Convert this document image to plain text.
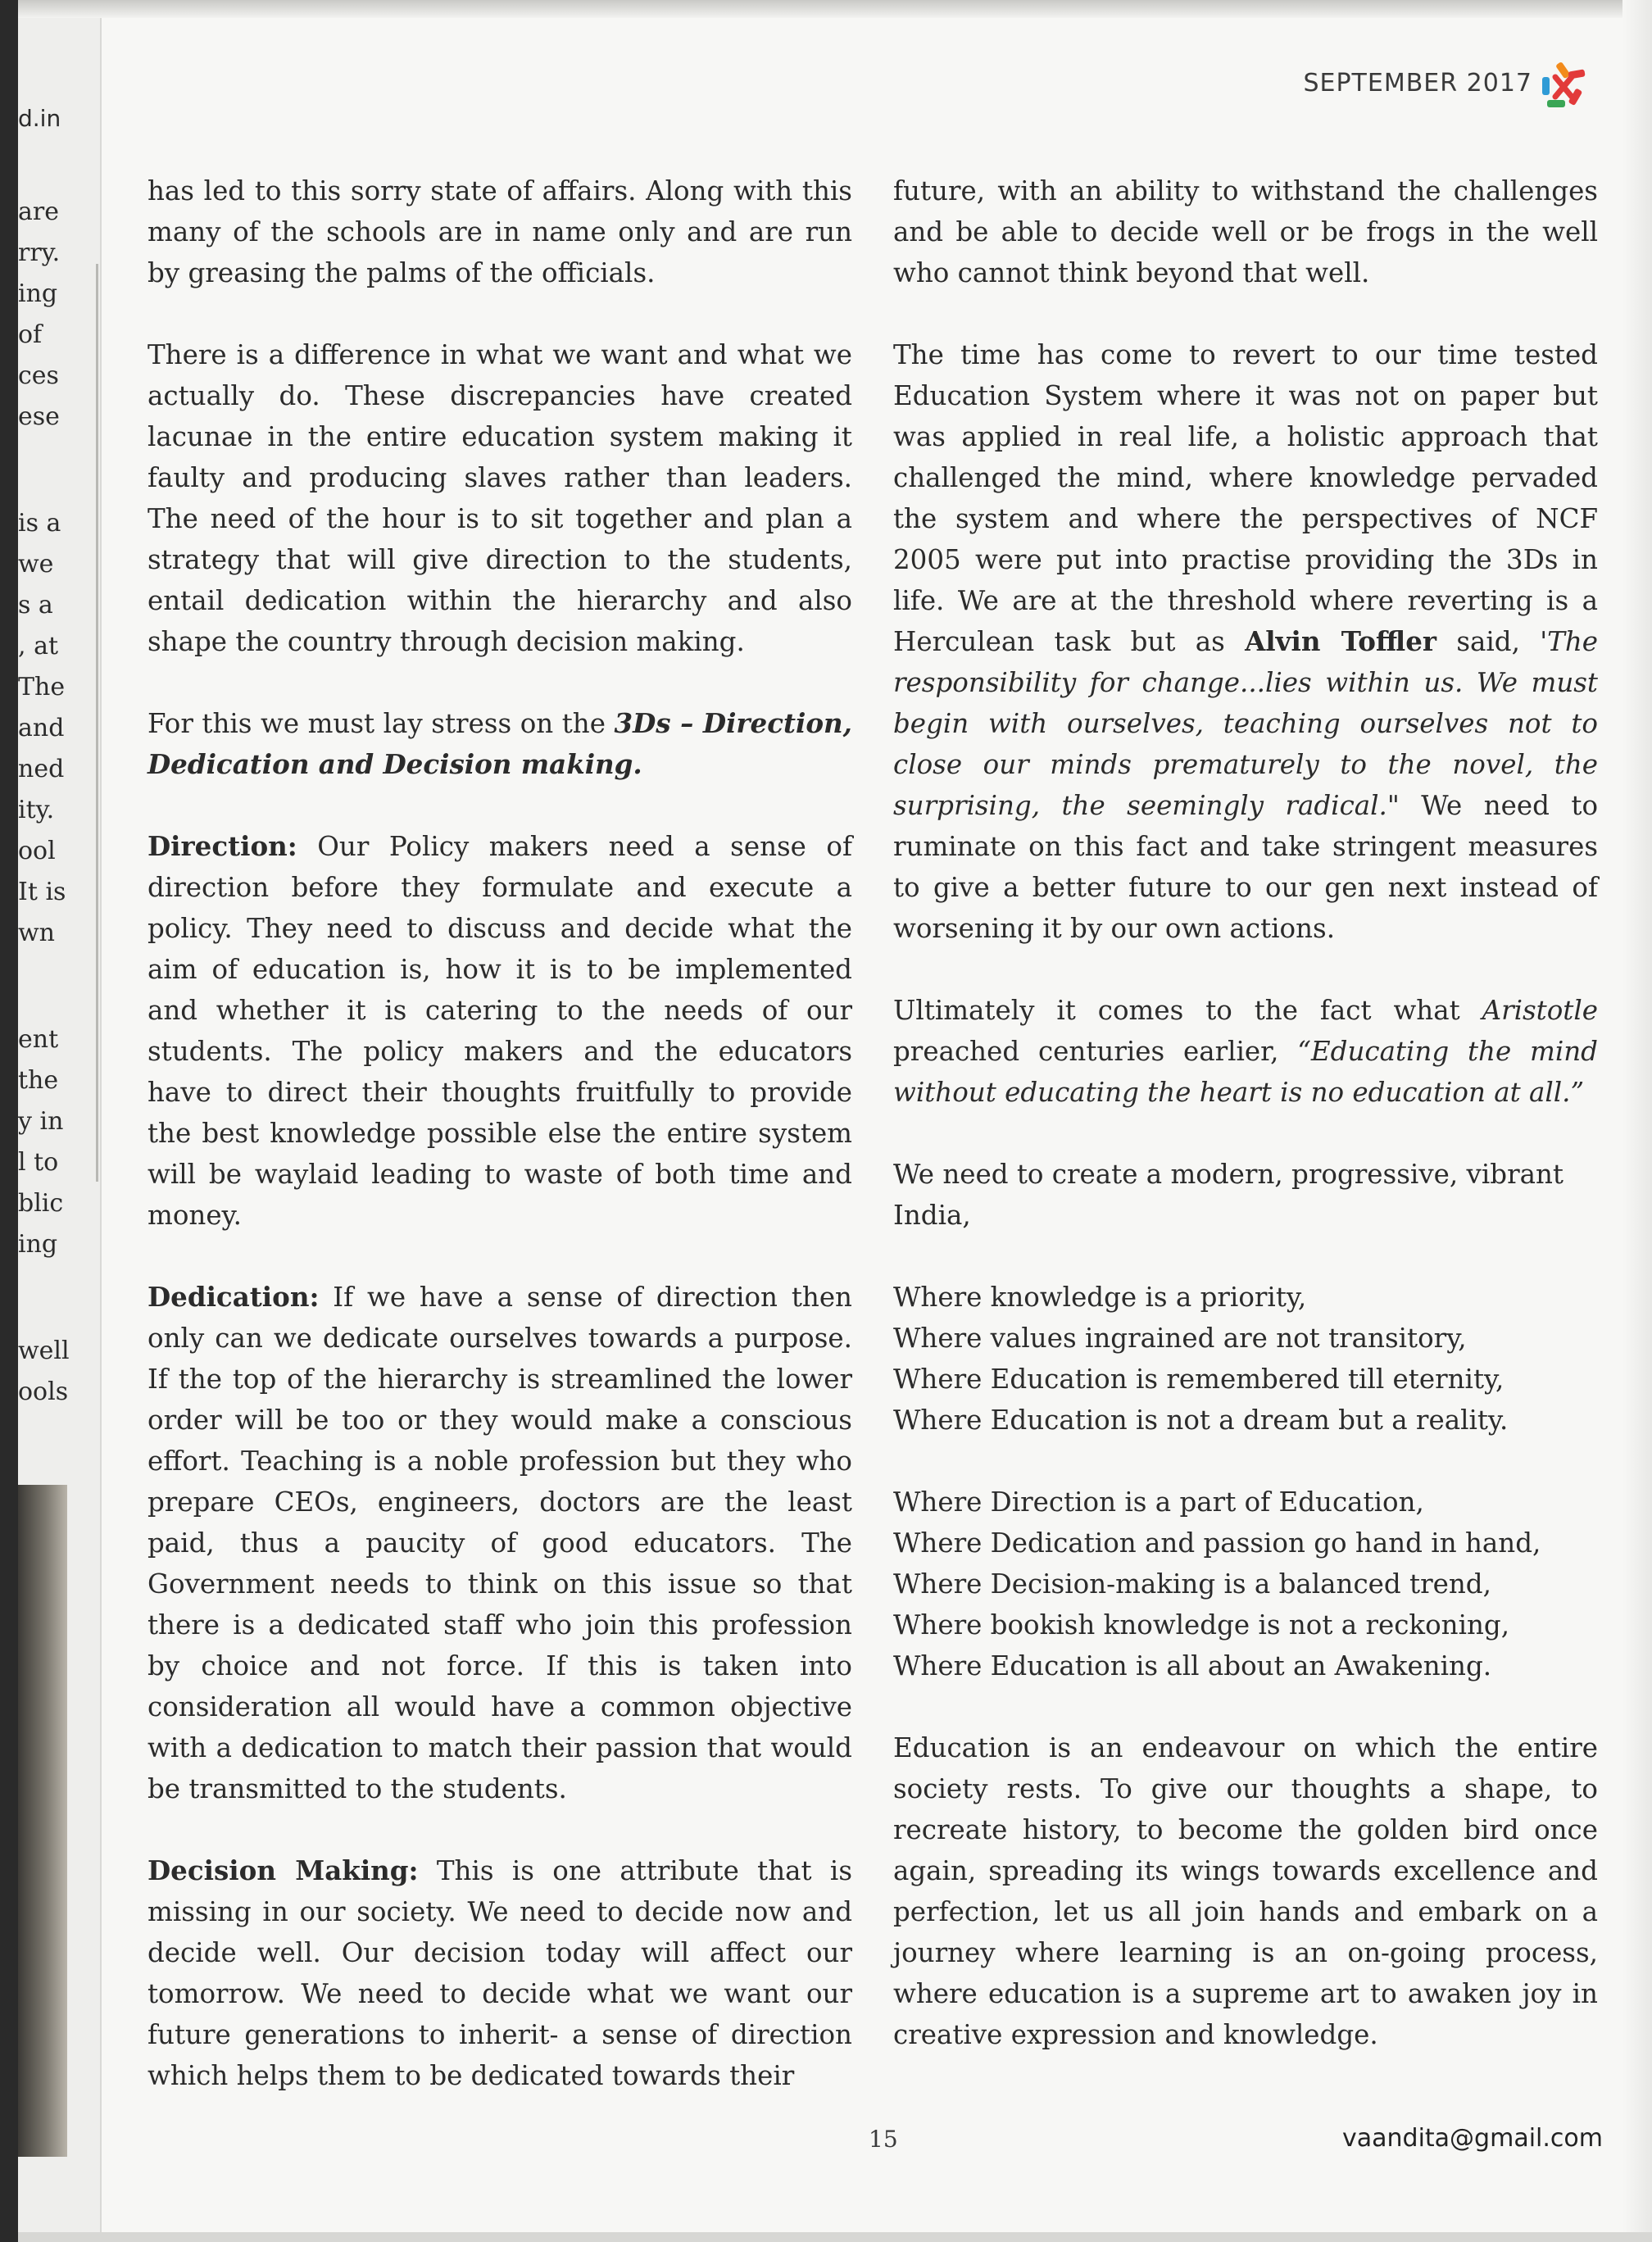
d.in
are
rry.
ing
of
ces
ese
is a
we
s a
, at
The
and
ned
ity.
ool
It is
wn
ent
the
y in
l to
blic
ing
well
ools
SEPTEMBER 2017

has led to this sorry state of affairs. Along with this many of the schools are in name only and are run by greasing the palms of the officials.

There is a difference in what we want and what we actually do. These discrepancies have created lacunae in the entire education system making it faulty and producing slaves rather than leaders. The need of the hour is to sit together and plan a strategy that will give direction to the students, entail dedication within the hierarchy and also shape the country through decision making.

For this we must lay stress on the 3Ds – Direction, Dedication and Decision making.

Direction: Our Policy makers need a sense of direction before they formulate and execute a policy. They need to discuss and decide what the aim of education is, how it is to be implemented and whether it is catering to the needs of our students. The policy makers and the educators have to direct their thoughts fruitfully to provide the best knowledge possible else the entire system will be waylaid leading to waste of both time and money.

Dedication: If we have a sense of direction then only can we dedicate ourselves towards a purpose. If the top of the hierarchy is streamlined the lower order will be too or they would make a conscious effort. Teaching is a noble profession but they who prepare CEOs, engineers, doctors are the least paid, thus a paucity of good educators. The Government needs to think on this issue so that there is a dedicated staff who join this profession by choice and not force. If this is taken into consideration all would have a common objective with a dedication to match their passion that would be transmitted to the students.

Decision Making: This is one attribute that is missing in our society. We need to decide now and decide well. Our decision today will affect our tomorrow. We need to decide what we want our future generations to inherit- a sense of direction which helps them to be dedicated towards their

future, with an ability to withstand the challenges and be able to decide well or be frogs in the well who cannot think beyond that well.

The time has come to revert to our time tested Education System where it was not on paper but was applied in real life, a holistic approach that challenged the mind, where knowledge pervaded the system and where the perspectives of NCF 2005 were put into practise providing the 3Ds in life. We are at the threshold where reverting is a Herculean task but as Alvin Toffler said, 'The responsibility for change...lies within us. We must begin with ourselves, teaching ourselves not to close our minds prematurely to the novel, the surprising, the seemingly radical." We need to ruminate on this fact and take stringent measures to give a better future to our gen next instead of worsening it by our own actions.

Ultimately it comes to the fact what Aristotle preached centuries earlier, “Educating the mind without educating the heart is no education at all.”

We need to create a modern, progressive, vibrant India,

Where knowledge is a priority,
Where values ingrained are not transitory,
Where Education is remembered till eternity,
Where Education is not a dream but a reality.

Where Direction is a part of Education,
Where Dedication and passion go hand in hand,
Where Decision-making is a balanced trend,
Where bookish knowledge is not a reckoning,
Where Education is all about an Awakening.

Education is an endeavour on which the entire society rests. To give our thoughts a shape, to recreate history, to become the golden bird once again, spreading its wings towards excellence and perfection, let us all join hands and embark on a journey where learning is an on-going process, where education is a supreme art to awaken joy in creative expression and knowledge.

15	vaandita@gmail.com
